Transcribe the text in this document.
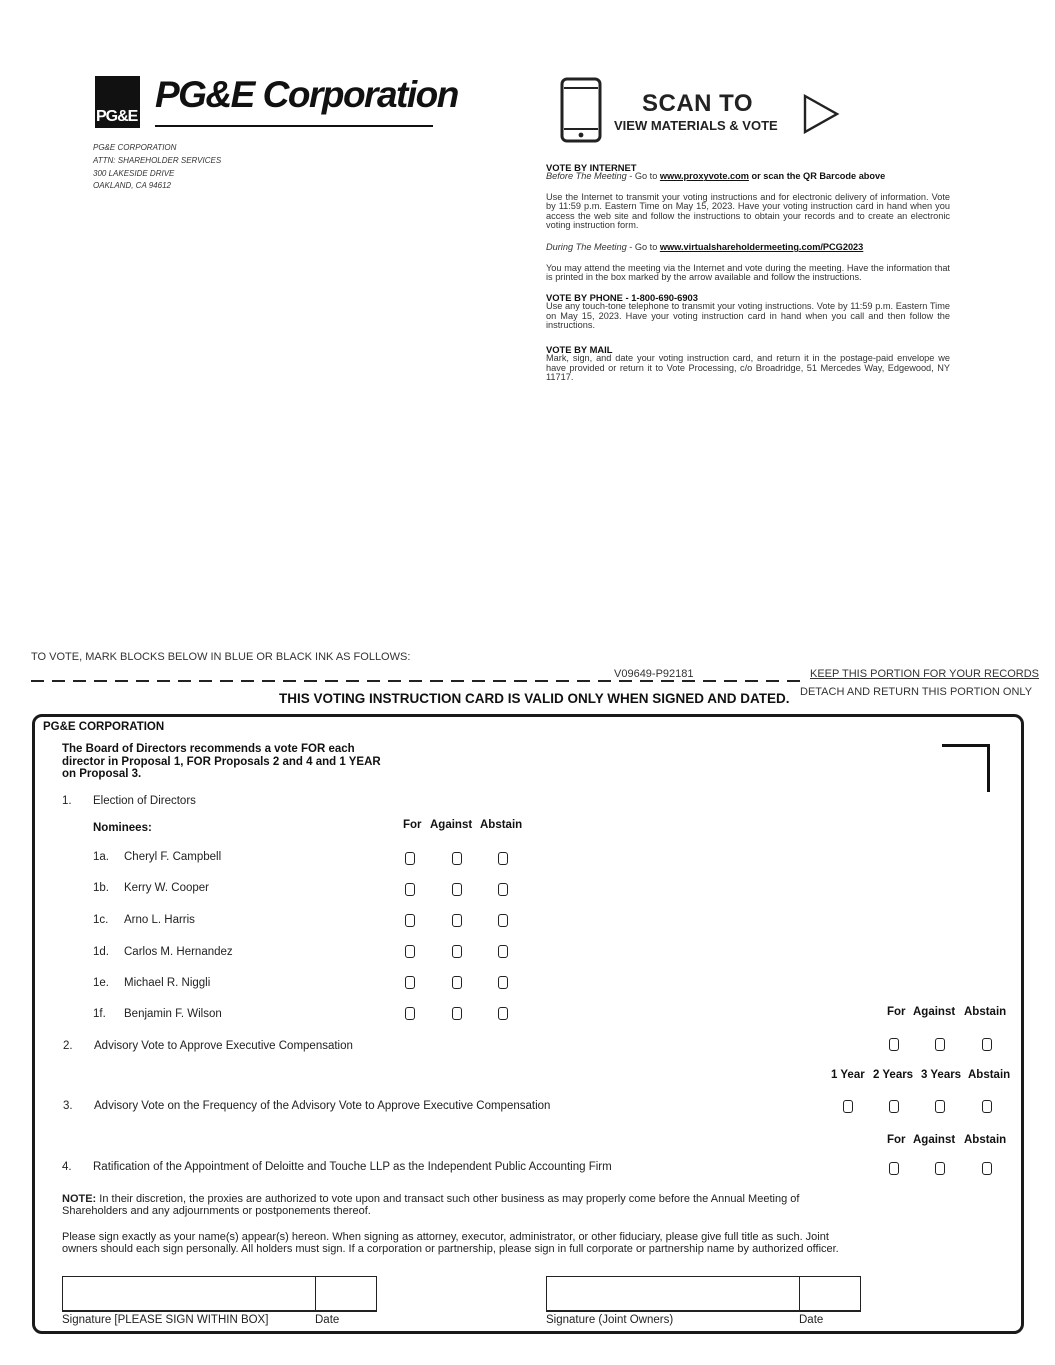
PG&E
PG&E Corporation
PG&E CORPORATION
ATTN: SHAREHOLDER SERVICES
300 LAKESIDE DRIVE
OAKLAND, CA 94612
SCAN TO
VIEW MATERIALS & VOTE
VOTE BY INTERNET
Before The Meeting - Go to www.proxyvote.com or scan the QR Barcode above
Use the Internet to transmit your voting instructions and for electronic delivery of information. Vote by 11:59 p.m. Eastern Time on May 15, 2023. Have your voting instruction card in hand when you access the web site and follow the instructions to obtain your records and to create an electronic voting instruction form.
During The Meeting - Go to www.virtualshareholdermeeting.com/PCG2023
You may attend the meeting via the Internet and vote during the meeting. Have the information that is printed in the box marked by the arrow available and follow the instructions.
VOTE BY PHONE - 1-800-690-6903
Use any touch-tone telephone to transmit your voting instructions. Vote by 11:59 p.m. Eastern Time on May 15, 2023. Have your voting instruction card in hand when you call and then follow the instructions.
VOTE BY MAIL
Mark, sign, and date your voting instruction card, and return it in the postage-paid envelope we have provided or return it to Vote Processing, c/o Broadridge, 51 Mercedes Way, Edgewood, NY 11717.
TO VOTE, MARK BLOCKS BELOW IN BLUE OR BLACK INK AS FOLLOWS:
V09649-P92181	KEEP THIS PORTION FOR YOUR RECORDS
DETACH AND RETURN THIS PORTION ONLY
THIS VOTING INSTRUCTION CARD IS VALID ONLY WHEN SIGNED AND DATED.
PG&E CORPORATION
The Board of Directors recommends a vote FOR each
director in Proposal 1, FOR Proposals 2 and 4 and 1 YEAR
on Proposal 3.
1. Election of Directors
Nominees:	For Against Abstain
1a. Cheryl F. Campbell
1b. Kerry W. Cooper
1c. Arno L. Harris
1d. Carlos M. Hernandez
1e. Michael R. Niggli
1f. Benjamin F. Wilson	For Against Abstain
2. Advisory Vote to Approve Executive Compensation
1 Year 2 Years 3 Years Abstain
3. Advisory Vote on the Frequency of the Advisory Vote to Approve Executive Compensation
For Against Abstain
4. Ratification of the Appointment of Deloitte and Touche LLP as the Independent Public Accounting Firm
NOTE: In their discretion, the proxies are authorized to vote upon and transact such other business as may properly come before the Annual Meeting of Shareholders and any adjournments or postponements thereof.
Please sign exactly as your name(s) appear(s) hereon. When signing as attorney, executor, administrator, or other fiduciary, please give full title as such. Joint owners should each sign personally. All holders must sign. If a corporation or partnership, please sign in full corporate or partnership name by authorized officer.
Signature [PLEASE SIGN WITHIN BOX]	Date	Signature (Joint Owners)	Date
